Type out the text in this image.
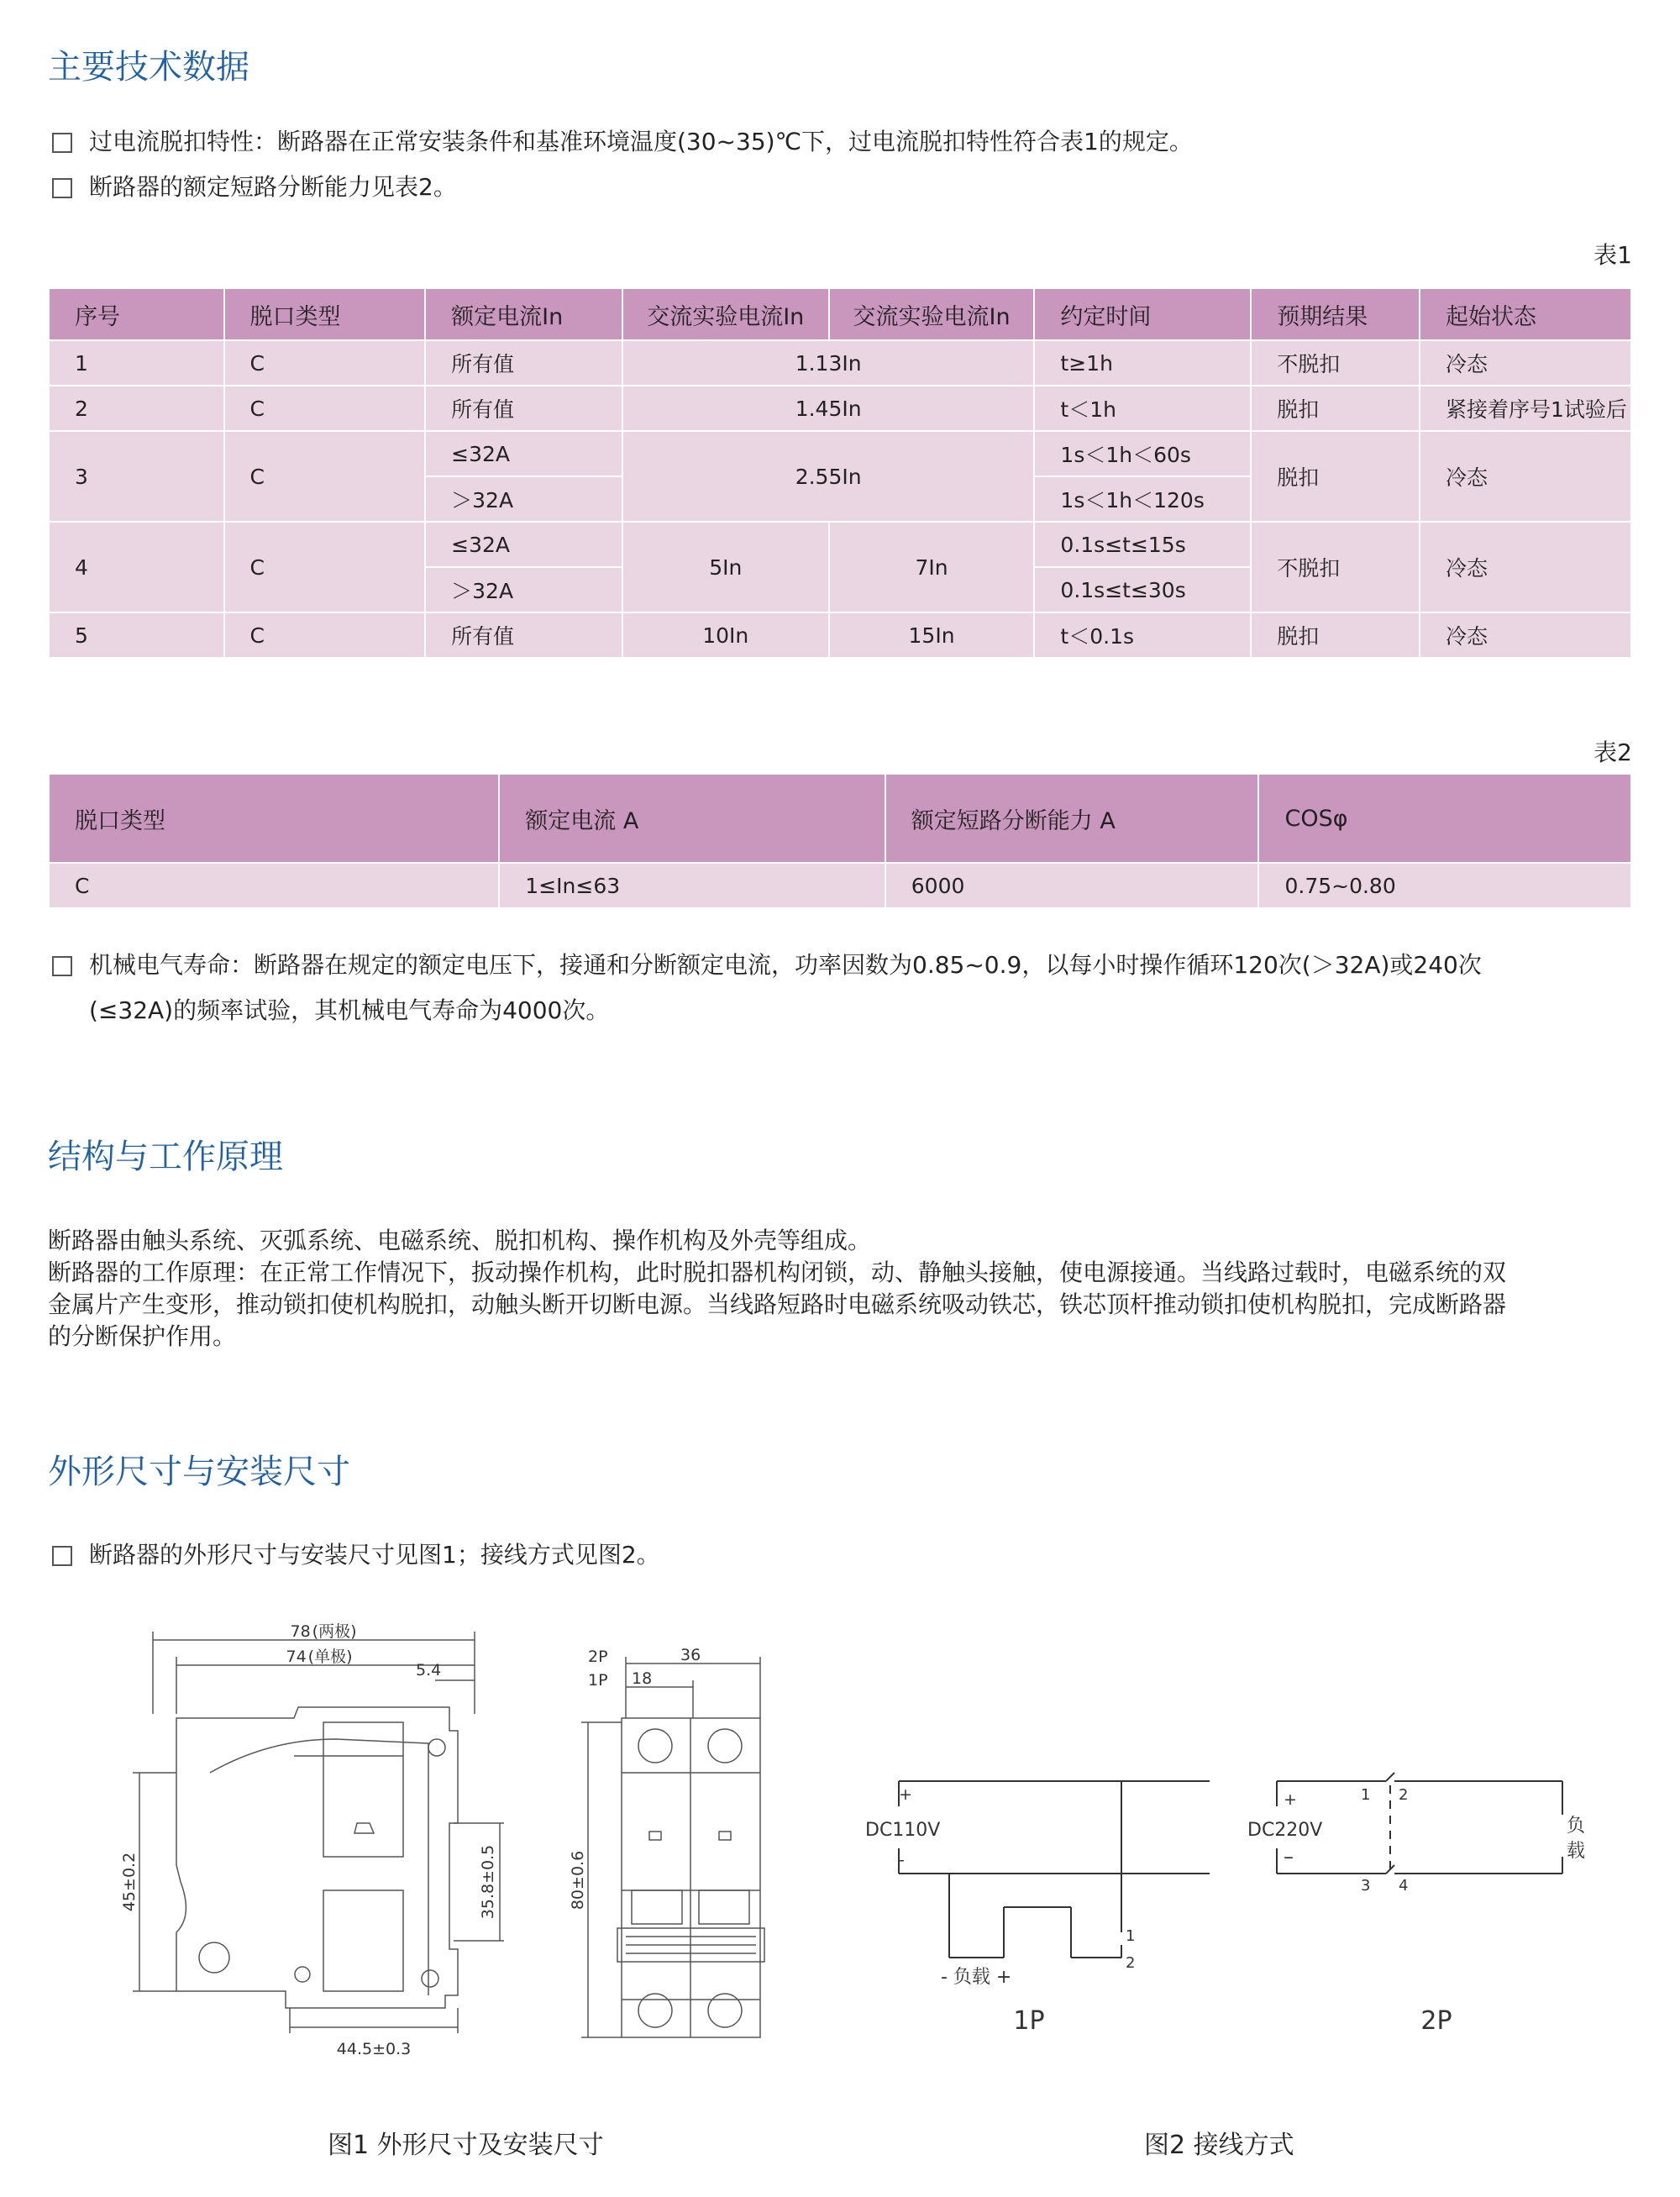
主要技术数据
过电流脱扣特性：断路器在正常安装条件和基准环境温度(30~35)℃下，过电流脱扣特性符合表1的规定。
断路器的额定短路分断能力见表2。
表1
序号	脱口类型	额定电流In	交流实验电流In	交流实验电流In	约定时间	预期结果	起始状态
1	C	所有值	1.13In		t≥1h	不脱扣	冷态
2	C	所有值	1.45In		t＜1h	脱扣	紧接着序号1试验后
3	C	≤32A	2.55In		1s＜1h＜60s	脱扣	冷态
		＞32A			1s＜1h＜120s		
4	C	≤32A	5In	7In	0.1s≤t≤15s	不脱扣	冷态
		＞32A			0.1s≤t≤30s		
5	C	所有值	10In	15In	t＜0.1s	脱扣	冷态
表2
脱口类型	额定电流 A	额定短路分断能力 A	COSφ
C	1≤In≤63	6000	0.75~0.80
机械电气寿命：断路器在规定的额定电压下，接通和分断额定电流，功率因数为0.85~0.9，以每小时操作循环120次(＞32A)或240次
(≤32A)的频率试验，其机械电气寿命为4000次。
结构与工作原理
断路器由触头系统、灭弧系统、电磁系统、脱扣机构、操作机构及外壳等组成。
断路器的工作原理：在正常工作情况下，扳动操作机构，此时脱扣器机构闭锁，动、静触头接触，使电源接通。当线路过载时，电磁系统的双
金属片产生变形，推动锁扣使机构脱扣，动触头断开切断电源。当线路短路时电磁系统吸动铁芯，铁芯顶杆推动锁扣使机构脱扣，完成断路器
的分断保护作用。
外形尺寸与安装尺寸
断路器的外形尺寸与安装尺寸见图1；接线方式见图2。
78 (两极)
74 (单极)
5.4
45±0.2	35.8±0.5
44.5±0.3
2P
1P
36
18
80±0.6
+
-
DC110V
1
2
- 负载 +
1P
+
–
DC220V
1 2
3 4
负
载
2P
图1 外形尺寸及安装尺寸	图2 接线方式
